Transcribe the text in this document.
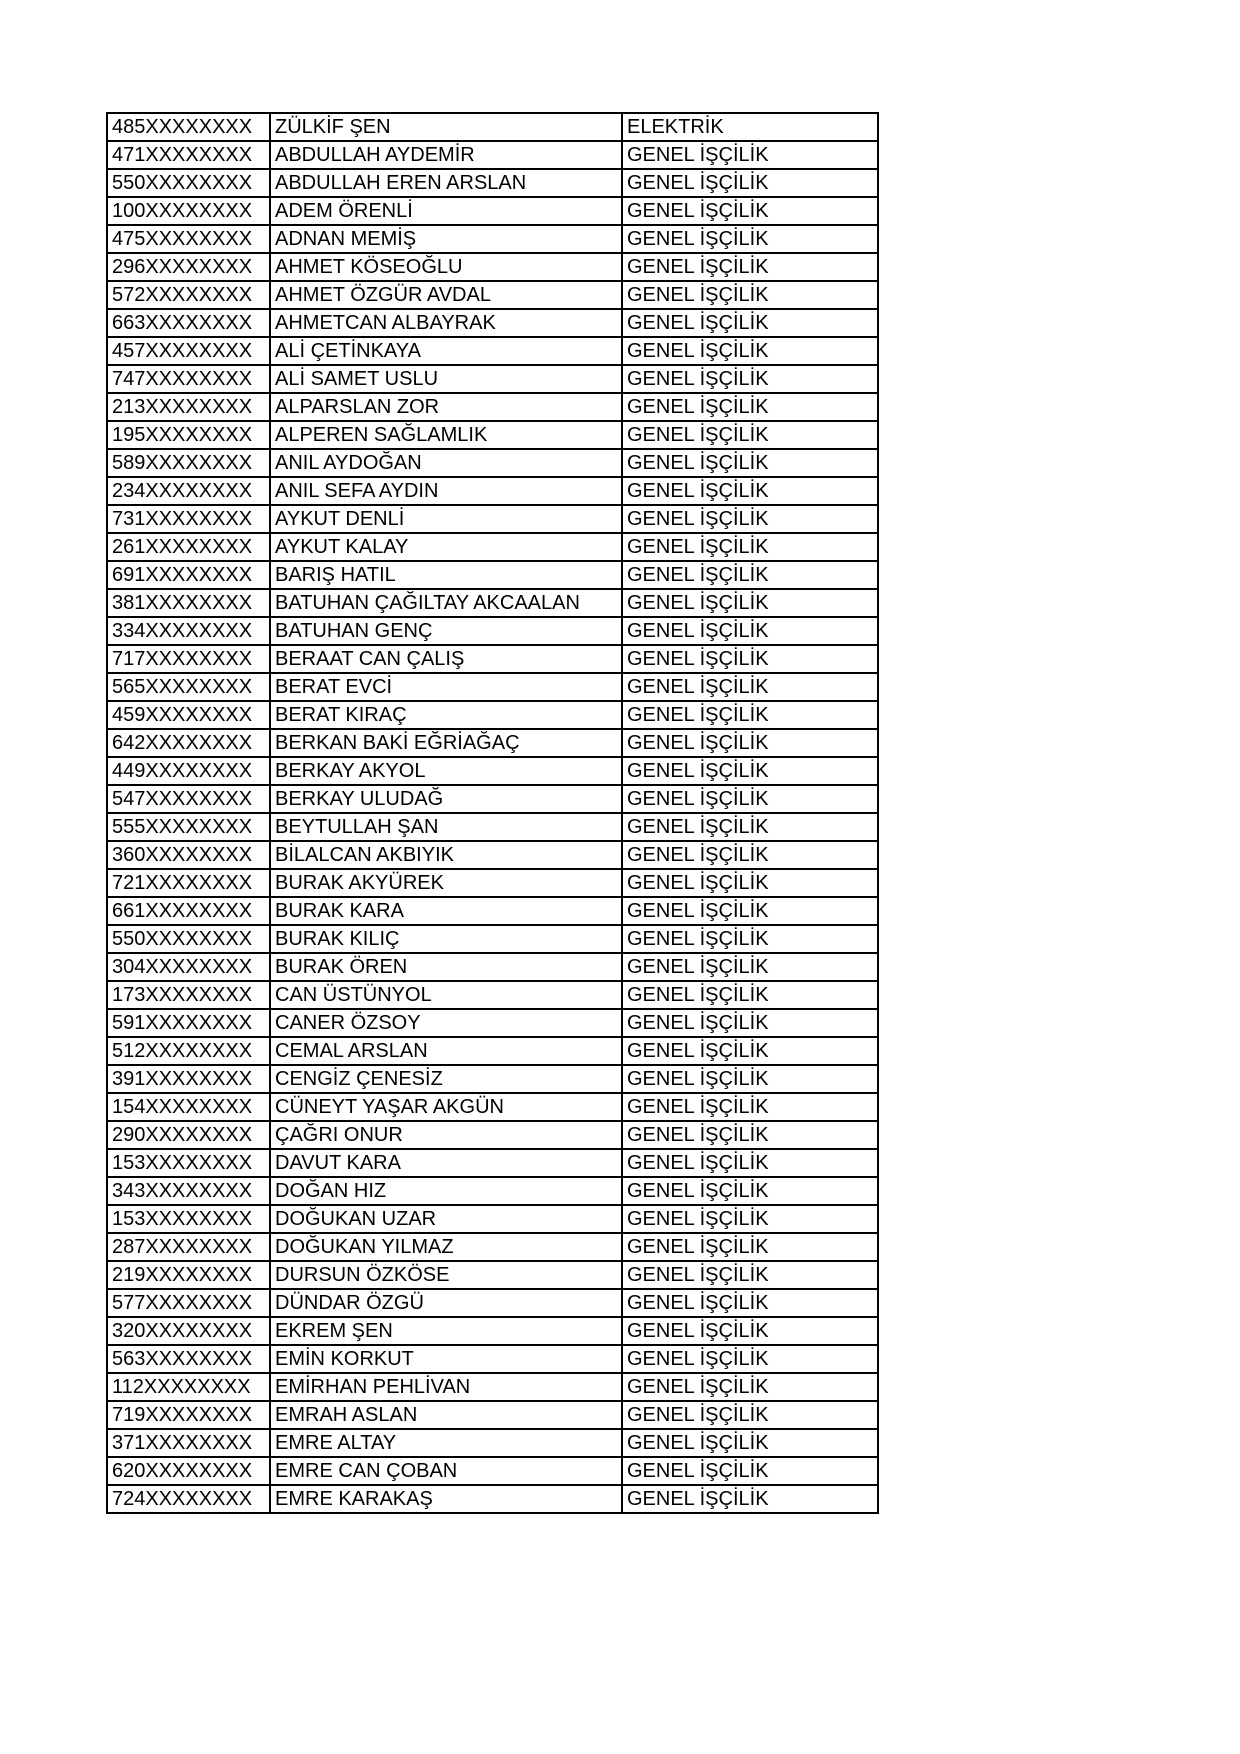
485XXXXXXXX	ZÜLKİF ŞEN	ELEKTRİK
471XXXXXXXX	ABDULLAH AYDEMİR	GENEL İŞÇİLİK
550XXXXXXXX	ABDULLAH EREN ARSLAN	GENEL İŞÇİLİK
100XXXXXXXX	ADEM ÖRENLİ	GENEL İŞÇİLİK
475XXXXXXXX	ADNAN MEMİŞ	GENEL İŞÇİLİK
296XXXXXXXX	AHMET KÖSEOĞLU	GENEL İŞÇİLİK
572XXXXXXXX	AHMET ÖZGÜR AVDAL	GENEL İŞÇİLİK
663XXXXXXXX	AHMETCAN ALBAYRAK	GENEL İŞÇİLİK
457XXXXXXXX	ALİ ÇETİNKAYA	GENEL İŞÇİLİK
747XXXXXXXX	ALİ SAMET USLU	GENEL İŞÇİLİK
213XXXXXXXX	ALPARSLAN ZOR	GENEL İŞÇİLİK
195XXXXXXXX	ALPEREN SAĞLAMLIK	GENEL İŞÇİLİK
589XXXXXXXX	ANIL AYDOĞAN	GENEL İŞÇİLİK
234XXXXXXXX	ANIL SEFA AYDIN	GENEL İŞÇİLİK
731XXXXXXXX	AYKUT DENLİ	GENEL İŞÇİLİK
261XXXXXXXX	AYKUT KALAY	GENEL İŞÇİLİK
691XXXXXXXX	BARIŞ HATIL	GENEL İŞÇİLİK
381XXXXXXXX	BATUHAN ÇAĞILTAY AKCAALAN	GENEL İŞÇİLİK
334XXXXXXXX	BATUHAN GENÇ	GENEL İŞÇİLİK
717XXXXXXXX	BERAAT CAN ÇALIŞ	GENEL İŞÇİLİK
565XXXXXXXX	BERAT EVCİ	GENEL İŞÇİLİK
459XXXXXXXX	BERAT KIRAÇ	GENEL İŞÇİLİK
642XXXXXXXX	BERKAN BAKİ EĞRİAĞAÇ	GENEL İŞÇİLİK
449XXXXXXXX	BERKAY AKYOL	GENEL İŞÇİLİK
547XXXXXXXX	BERKAY ULUDAĞ	GENEL İŞÇİLİK
555XXXXXXXX	BEYTULLAH ŞAN	GENEL İŞÇİLİK
360XXXXXXXX	BİLALCAN AKBIYIK	GENEL İŞÇİLİK
721XXXXXXXX	BURAK AKYÜREK	GENEL İŞÇİLİK
661XXXXXXXX	BURAK KARA	GENEL İŞÇİLİK
550XXXXXXXX	BURAK KILIÇ	GENEL İŞÇİLİK
304XXXXXXXX	BURAK ÖREN	GENEL İŞÇİLİK
173XXXXXXXX	CAN ÜSTÜNYOL	GENEL İŞÇİLİK
591XXXXXXXX	CANER ÖZSOY	GENEL İŞÇİLİK
512XXXXXXXX	CEMAL ARSLAN	GENEL İŞÇİLİK
391XXXXXXXX	CENGİZ ÇENESİZ	GENEL İŞÇİLİK
154XXXXXXXX	CÜNEYT YAŞAR AKGÜN	GENEL İŞÇİLİK
290XXXXXXXX	ÇAĞRI ONUR	GENEL İŞÇİLİK
153XXXXXXXX	DAVUT KARA	GENEL İŞÇİLİK
343XXXXXXXX	DOĞAN HIZ	GENEL İŞÇİLİK
153XXXXXXXX	DOĞUKAN UZAR	GENEL İŞÇİLİK
287XXXXXXXX	DOĞUKAN YILMAZ	GENEL İŞÇİLİK
219XXXXXXXX	DURSUN ÖZKÖSE	GENEL İŞÇİLİK
577XXXXXXXX	DÜNDAR ÖZGÜ	GENEL İŞÇİLİK
320XXXXXXXX	EKREM ŞEN	GENEL İŞÇİLİK
563XXXXXXXX	EMİN KORKUT	GENEL İŞÇİLİK
112XXXXXXXX	EMİRHAN PEHLİVAN	GENEL İŞÇİLİK
719XXXXXXXX	EMRAH ASLAN	GENEL İŞÇİLİK
371XXXXXXXX	EMRE ALTAY	GENEL İŞÇİLİK
620XXXXXXXX	EMRE CAN ÇOBAN	GENEL İŞÇİLİK
724XXXXXXXX	EMRE KARAKAŞ	GENEL İŞÇİLİK
